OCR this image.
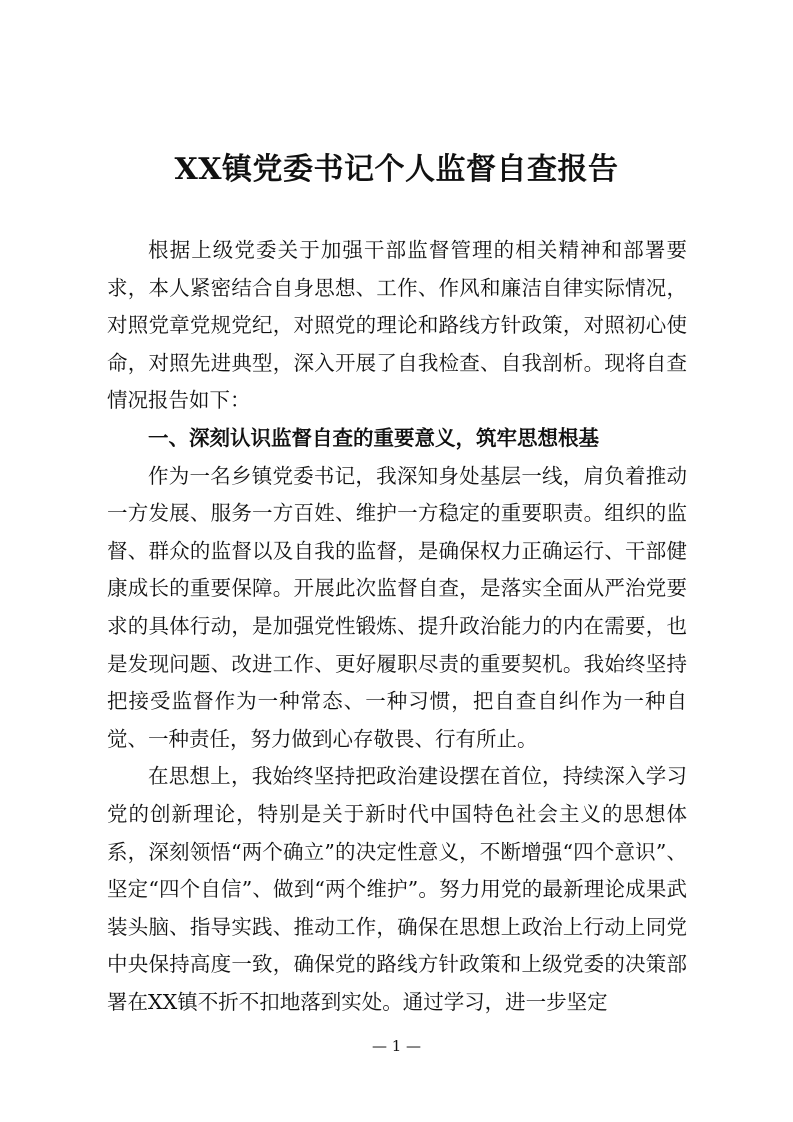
XX镇党委书记个人监督自查报告

根据上级党委关于加强干部监督管理的相关精神和部署要求，本人紧密结合自身思想、工作、作风和廉洁自律实际情况，对照党章党规党纪，对照党的理论和路线方针政策，对照初心使命，对照先进典型，深入开展了自我检查、自我剖析。现将自查情况报告如下：

一、深刻认识监督自查的重要意义，筑牢思想根基

作为一名乡镇党委书记，我深知身处基层一线，肩负着推动一方发展、服务一方百姓、维护一方稳定的重要职责。组织的监督、群众的监督以及自我的监督，是确保权力正确运行、干部健康成长的重要保障。开展此次监督自查，是落实全面从严治党要求的具体行动，是加强党性锻炼、提升政治能力的内在需要，也是发现问题、改进工作、更好履职尽责的重要契机。我始终坚持把接受监督作为一种常态、一种习惯，把自查自纠作为一种自觉、一种责任，努力做到心存敬畏、行有所止。

在思想上，我始终坚持把政治建设摆在首位，持续深入学习党的创新理论，特别是关于新时代中国特色社会主义的思想体系，深刻领悟“两个确立”的决定性意义，不断增强“四个意识”、坚定“四个自信”、做到“两个维护”。努力用党的最新理论成果武装头脑、指导实践、推动工作，确保在思想上政治上行动上同党中央保持高度一致，确保党的路线方针政策和上级党委的决策部署在XX镇不折不扣地落到实处。通过学习，进一步坚定

— 1 —
